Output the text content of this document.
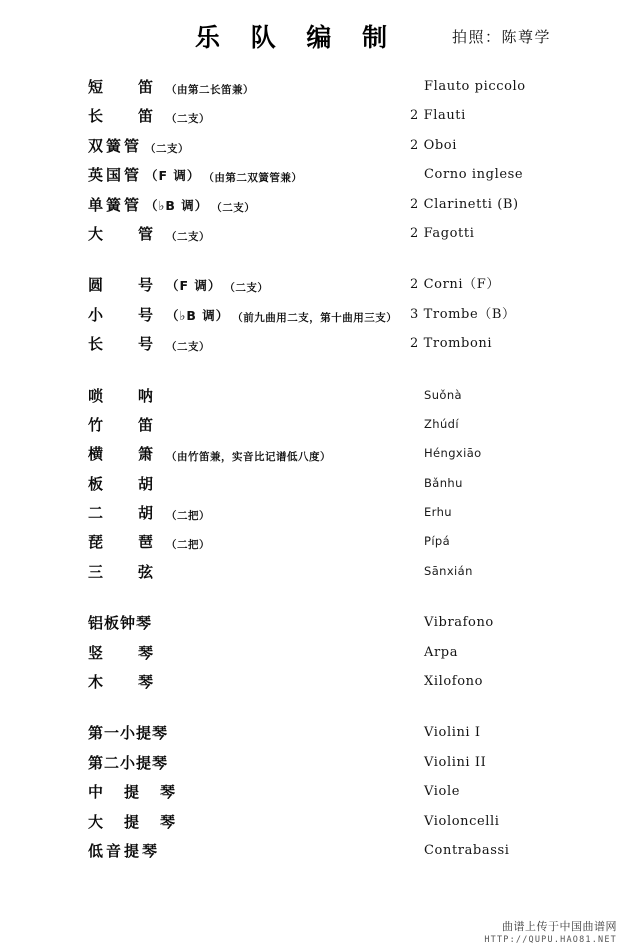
乐 队 编 制	拍照：陈尊学
短　笛 （由第二长笛兼）	Flauto piccolo
长　笛 （二支）	2 Flauti
双簧管 （二支）	2 Oboi
英国管 （F 调） （由第二双簧管兼）	Corno inglese
单簧管 （♭B 调） （二支）	2 Clarinetti (B)
大　管 （二支）	2 Fagotti
圆　号 （F 调） （二支）	2 Corni（F）
小　号 （♭B 调） （前九曲用二支，第十曲用三支） 3 Trombe（B）
长　号 （二支）	2 Tromboni
唢　呐	Suǒnà
竹　笛	Zhúdí
横　箫 （由竹笛兼，实音比记谱低八度）	Héngxiāo
板　胡	Bǎnhu
二　胡 （二把）	Erhu
琵　琶 （二把）	Pípá
三　弦	Sānxián
铝板钟琴	Vibrafono
竖　琴	Arpa
木　琴	Xilofono
第一小提琴	Violini I
第二小提琴	Violini II
中　提　琴	Viole
大　提　琴	Violoncelli
低音提琴	Contrabassi
曲谱上传于中国曲谱网
HTTP://QUPU.HAO81.NET
